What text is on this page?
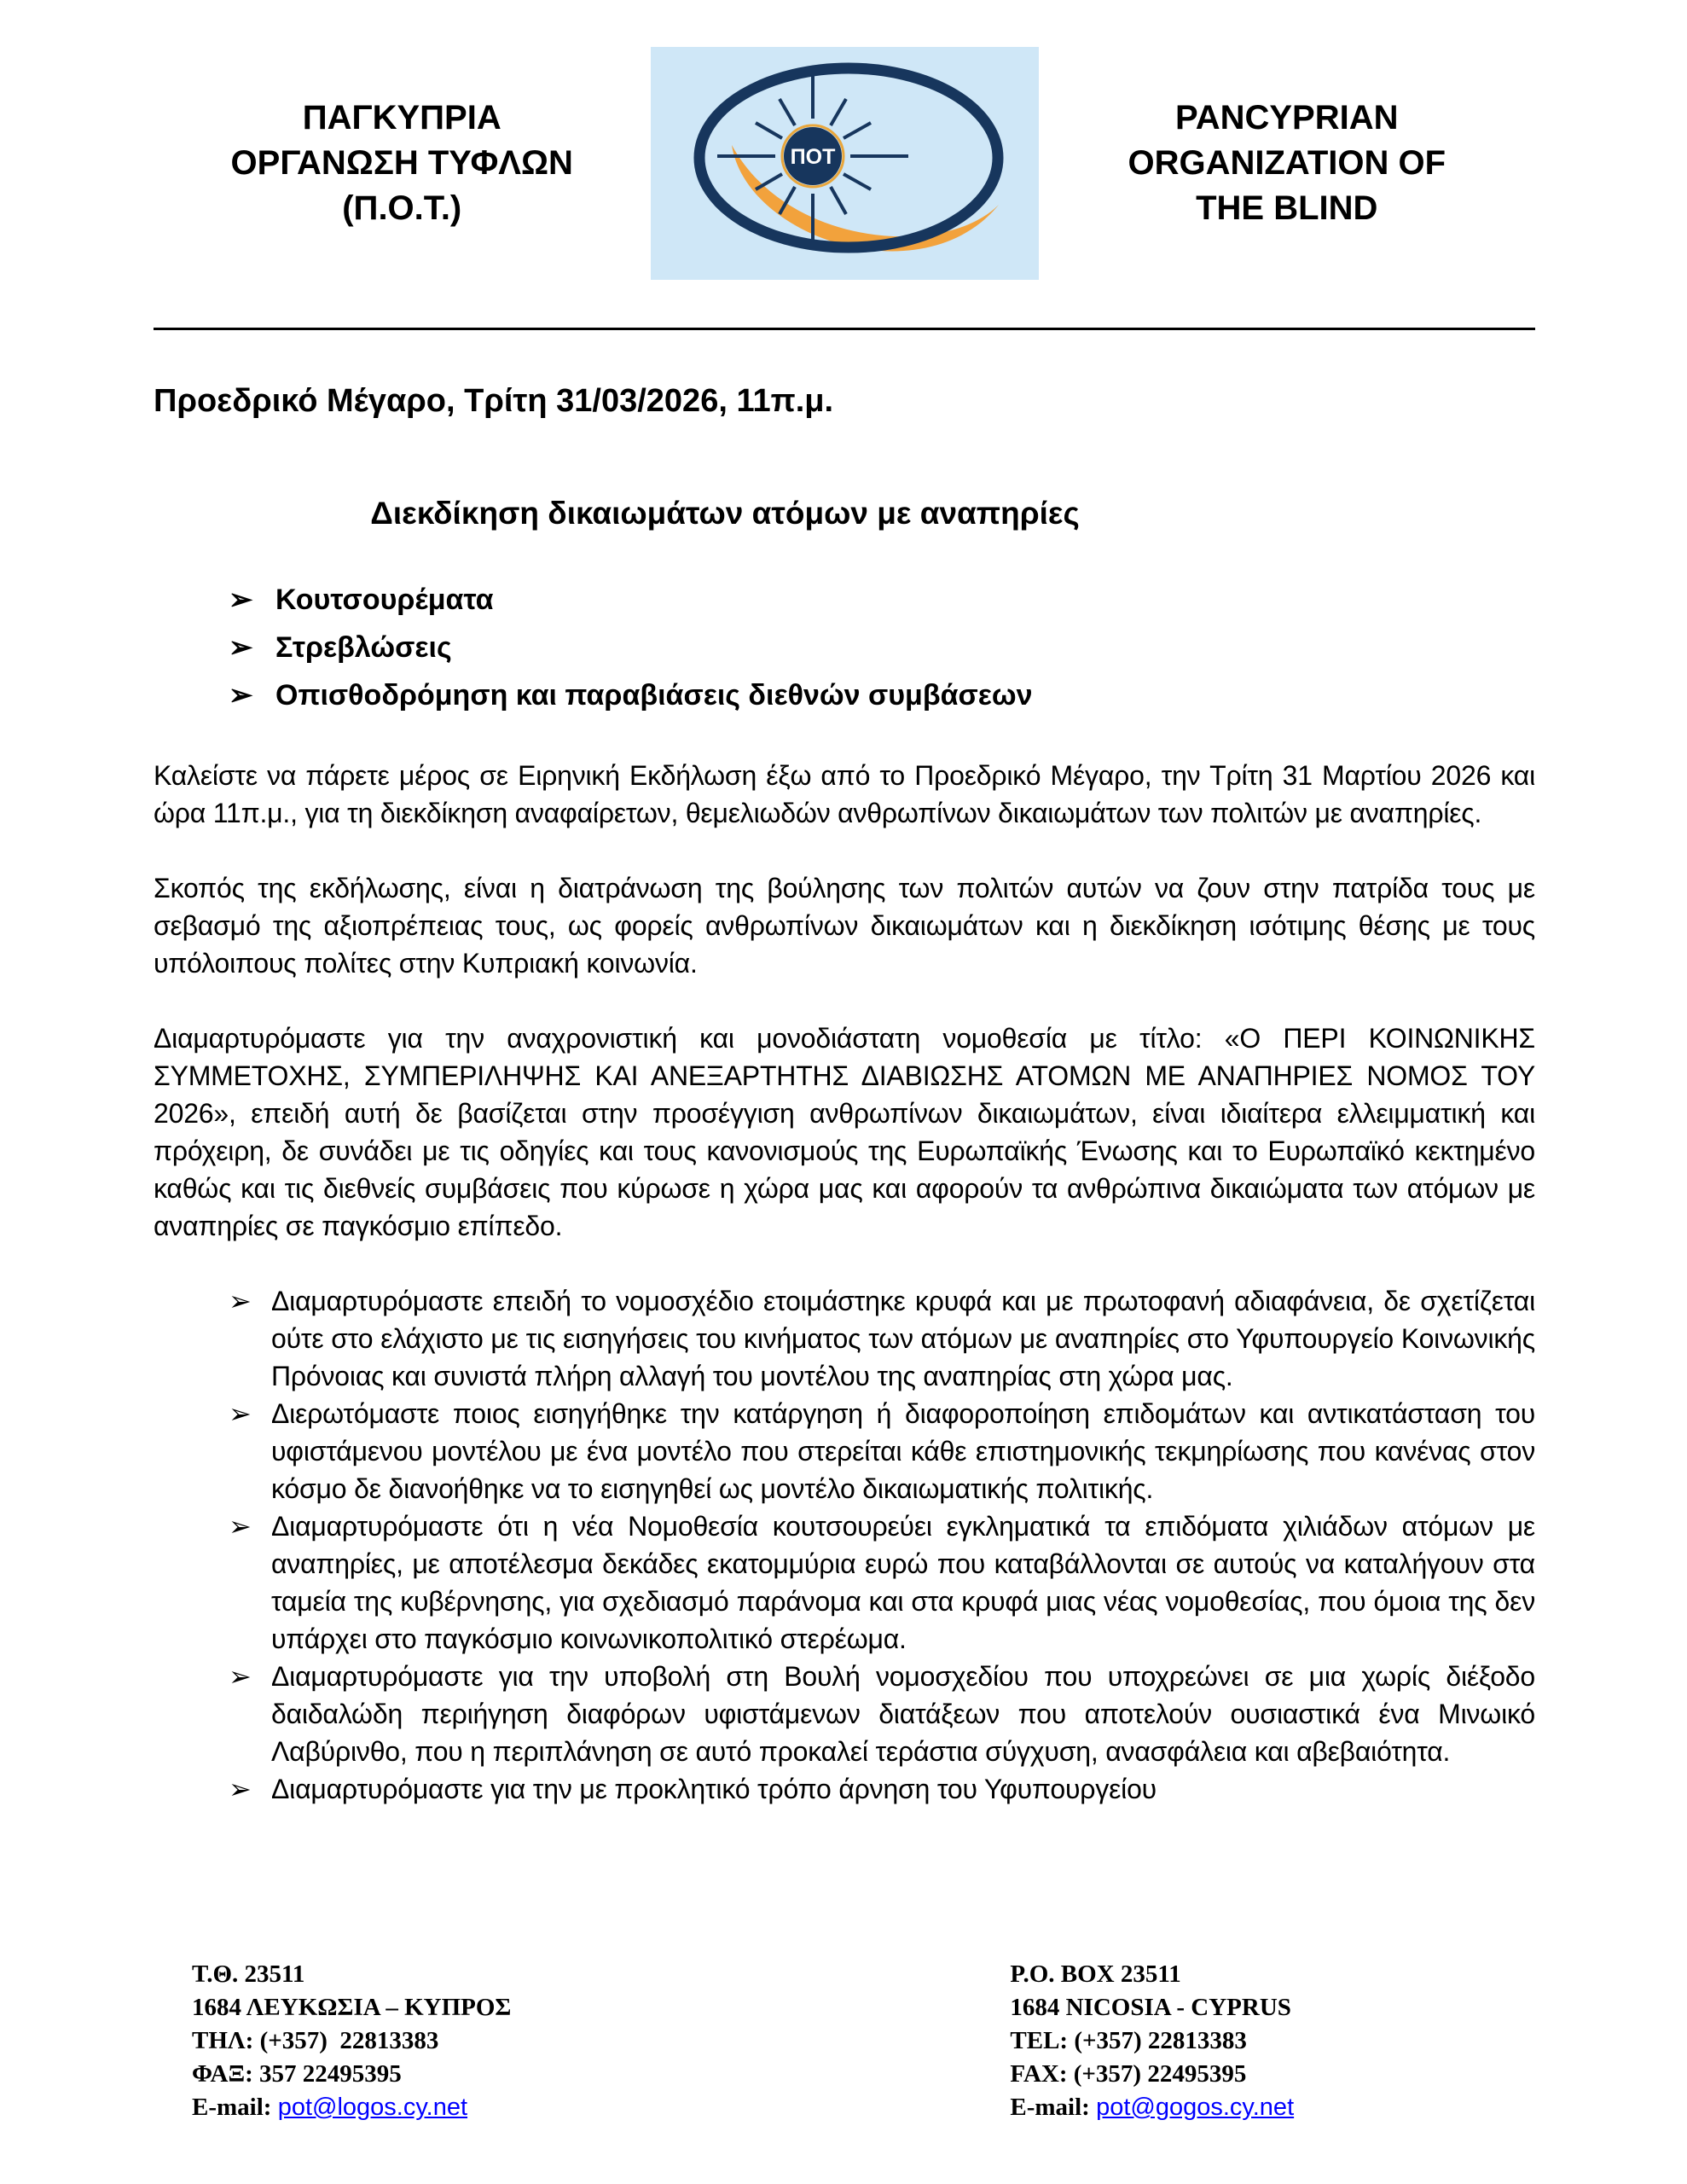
ΠΑΓΚΥΠΡΙΑ
ΟΡΓΑΝΩΣΗ ΤΥΦΛΩΝ
(Π.Ο.Τ.)
ΠΟΤ
PANCYPRIAN
ORGANIZATION OF
THE BLIND

Προεδρικό Μέγαρο, Τρίτη 31/03/2026, 11π.μ.

Διεκδίκηση δικαιωμάτων ατόμων με αναπηρίες
➢ Κουτσουρέματα
➢ Στρεβλώσεις
➢ Οπισθοδρόμηση και παραβιάσεις διεθνών συμβάσεων

Καλείστε να πάρετε μέρος σε Ειρηνική Εκδήλωση έξω από το Προεδρικό Μέγαρο, την Τρίτη 31 Μαρτίου 2026 και ώρα 11π.μ., για τη διεκδίκηση αναφαίρετων, θεμελιωδών ανθρωπίνων δικαιωμάτων των πολιτών με αναπηρίες.

Σκοπός της εκδήλωσης, είναι η διατράνωση της βούλησης των πολιτών αυτών να ζουν στην πατρίδα τους με σεβασμό της αξιοπρέπειας τους, ως φορείς ανθρωπίνων δικαιωμάτων και η διεκδίκηση ισότιμης θέσης με τους υπόλοιπους πολίτες στην Κυπριακή κοινωνία.

Διαμαρτυρόμαστε για την αναχρονιστική και μονοδιάστατη νομοθεσία με τίτλο: «Ο ΠΕΡΙ ΚΟΙΝΩΝΙΚΗΣ ΣΥΜΜΕΤΟΧΗΣ, ΣΥΜΠΕΡΙΛΗΨΗΣ ΚΑΙ ΑΝΕΞΑΡΤΗΤΗΣ ΔΙΑΒΙΩΣΗΣ ΑΤΟΜΩΝ ΜΕ ΑΝΑΠΗΡΙΕΣ ΝΟΜΟΣ ΤΟΥ 2026», επειδή αυτή δε βασίζεται στην προσέγγιση ανθρωπίνων δικαιωμάτων, είναι ιδιαίτερα ελλειμματική και πρόχειρη, δε συνάδει με τις οδηγίες και τους κανονισμούς της Ευρωπαϊκής Ένωσης και το Ευρωπαϊκό κεκτημένο καθώς και τις διεθνείς συμβάσεις που κύρωσε η χώρα μας και αφορούν τα ανθρώπινα δικαιώματα των ατόμων με αναπηρίες σε παγκόσμιο επίπεδο.

➢ Διαμαρτυρόμαστε επειδή το νομοσχέδιο ετοιμάστηκε κρυφά και με πρωτοφανή αδιαφάνεια, δε σχετίζεται ούτε στο ελάχιστο με τις εισηγήσεις του κινήματος των ατόμων με αναπηρίες στο Υφυπουργείο Κοινωνικής Πρόνοιας και συνιστά πλήρη αλλαγή του μοντέλου της αναπηρίας στη χώρα μας.
➢ Διερωτόμαστε ποιος εισηγήθηκε την κατάργηση ή διαφοροποίηση επιδομάτων και αντικατάσταση του υφιστάμενου μοντέλου με ένα μοντέλο που στερείται κάθε επιστημονικής τεκμηρίωσης που κανένας στον κόσμο δε διανοήθηκε να το εισηγηθεί ως μοντέλο δικαιωματικής πολιτικής.
➢ Διαμαρτυρόμαστε ότι η νέα Νομοθεσία κουτσουρεύει εγκληματικά τα επιδόματα χιλιάδων ατόμων με αναπηρίες, με αποτέλεσμα δεκάδες εκατομμύρια ευρώ που καταβάλλονται σε αυτούς να καταλήγουν στα ταμεία της κυβέρνησης, για σχεδιασμό παράνομα και στα κρυφά μιας νέας νομοθεσίας, που όμοια της δεν υπάρχει στο παγκόσμιο κοινωνικοπολιτικό στερέωμα.
➢ Διαμαρτυρόμαστε για την υποβολή στη Βουλή νομοσχεδίου που υποχρεώνει σε μια χωρίς διέξοδο δαιδαλώδη περιήγηση διαφόρων υφιστάμενων διατάξεων που αποτελούν ουσιαστικά ένα Μινωικό Λαβύρινθο, που η περιπλάνηση σε αυτό προκαλεί τεράστια σύγχυση, ανασφάλεια και αβεβαιότητα.
➢ Διαμαρτυρόμαστε για την με προκλητικό τρόπο άρνηση του Υφυπουργείου
Τ.Θ. 23511
1684 ΛΕΥΚΩΣΙΑ – ΚΥΠΡΟΣ
ΤΗΛ: (+357)  22813383
ΦΑΞ: 357 22495395
E-mail: pot@logos.cy.net
P.O. BOX 23511
1684 NICOSIA - CYPRUS
TEL: (+357) 22813383
FAX: (+357) 22495395
E-mail: pot@gogos.cy.net
